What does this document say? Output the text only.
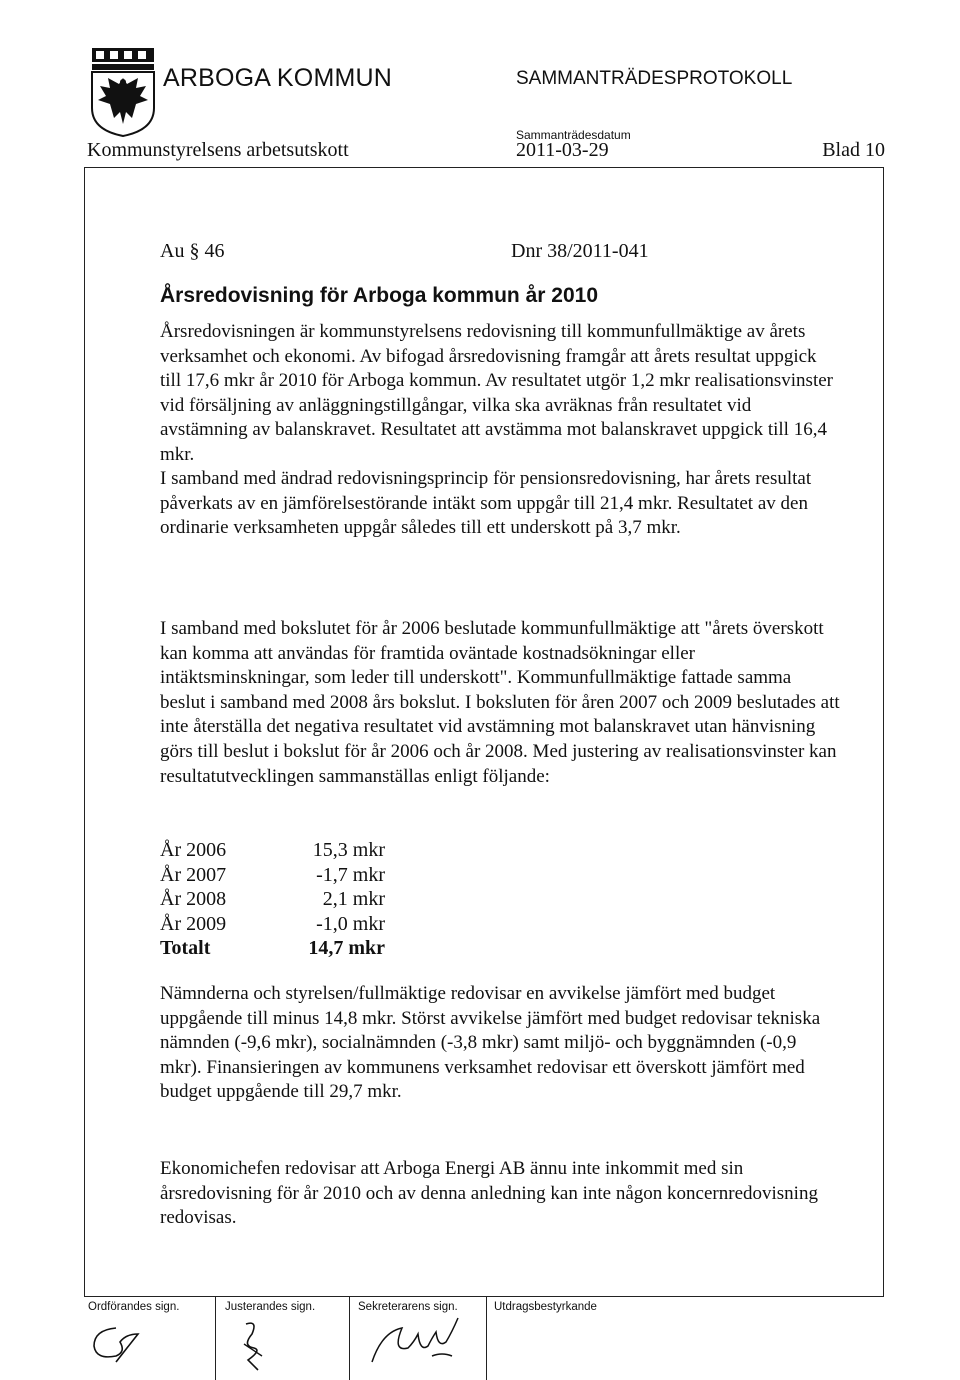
ARBOGA KOMMUN	SAMMANTRÄDESPROTOKOLL
Sammanträdesdatum
Kommunstyrelsens arbetsutskott	2011-03-29	Blad 10
Au § 46	Dnr 38/2011-041
Årsredovisning för Arboga kommun år 2010
Årsredovisningen är kommunstyrelsens redovisning till kommunfullmäktige av årets verksamhet och ekonomi. Av bifogad årsredovisning framgår att årets resultat uppgick till 17,6 mkr år 2010 för Arboga kommun. Av resultatet utgör 1,2 mkr realisationsvinster vid försäljning av anläggningstillgångar, vilka ska avräknas från resultatet vid avstämning av balanskravet. Resultatet att avstämma mot balanskravet uppgick till 16,4 mkr.
I samband med ändrad redovisningsprincip för pensionsredovisning, har årets resultat påverkats av en jämförelsestörande intäkt som uppgår till 21,4 mkr. Resultatet av den ordinarie verksamheten uppgår således till ett underskott på 3,7 mkr.

I samband med bokslutet för år 2006 beslutade kommunfullmäktige att "årets överskott kan komma att användas för framtida oväntade kostnadsökningar eller intäktsminskningar, som leder till underskott". Kommunfullmäktige fattade samma beslut i samband med 2008 års bokslut. I boksluten för åren 2007 och 2009 beslutades att inte återställa det negativa resultatet vid avstämning mot balanskravet utan hänvisning görs till beslut i bokslut för år 2006 och år 2008. Med justering av realisationsvinster kan resultatutvecklingen sammanställas enligt följande:

År 2006	15,3 mkr
År 2007	-1,7 mkr
År 2008	2,1 mkr
År 2009	-1,0 mkr
Totalt	14,7 mkr

Nämnderna och styrelsen/fullmäktige redovisar en avvikelse jämfört med budget uppgående till minus 14,8 mkr. Störst avvikelse jämfört med budget redovisar tekniska nämnden (-9,6 mkr), socialnämnden (-3,8 mkr) samt miljö- och byggnämnden (-0,9 mkr). Finansieringen av kommunens verksamhet redovisar ett överskott jämfört med budget uppgående till 29,7 mkr.

Ekonomichefen redovisar att Arboga Energi AB ännu inte inkommit med sin årsredovisning för år 2010 och av denna anledning kan inte någon koncernredovisning redovisas.

Ordförandes sign.	Justerandes sign.	Sekreterarens sign.	Utdragsbestyrkande
